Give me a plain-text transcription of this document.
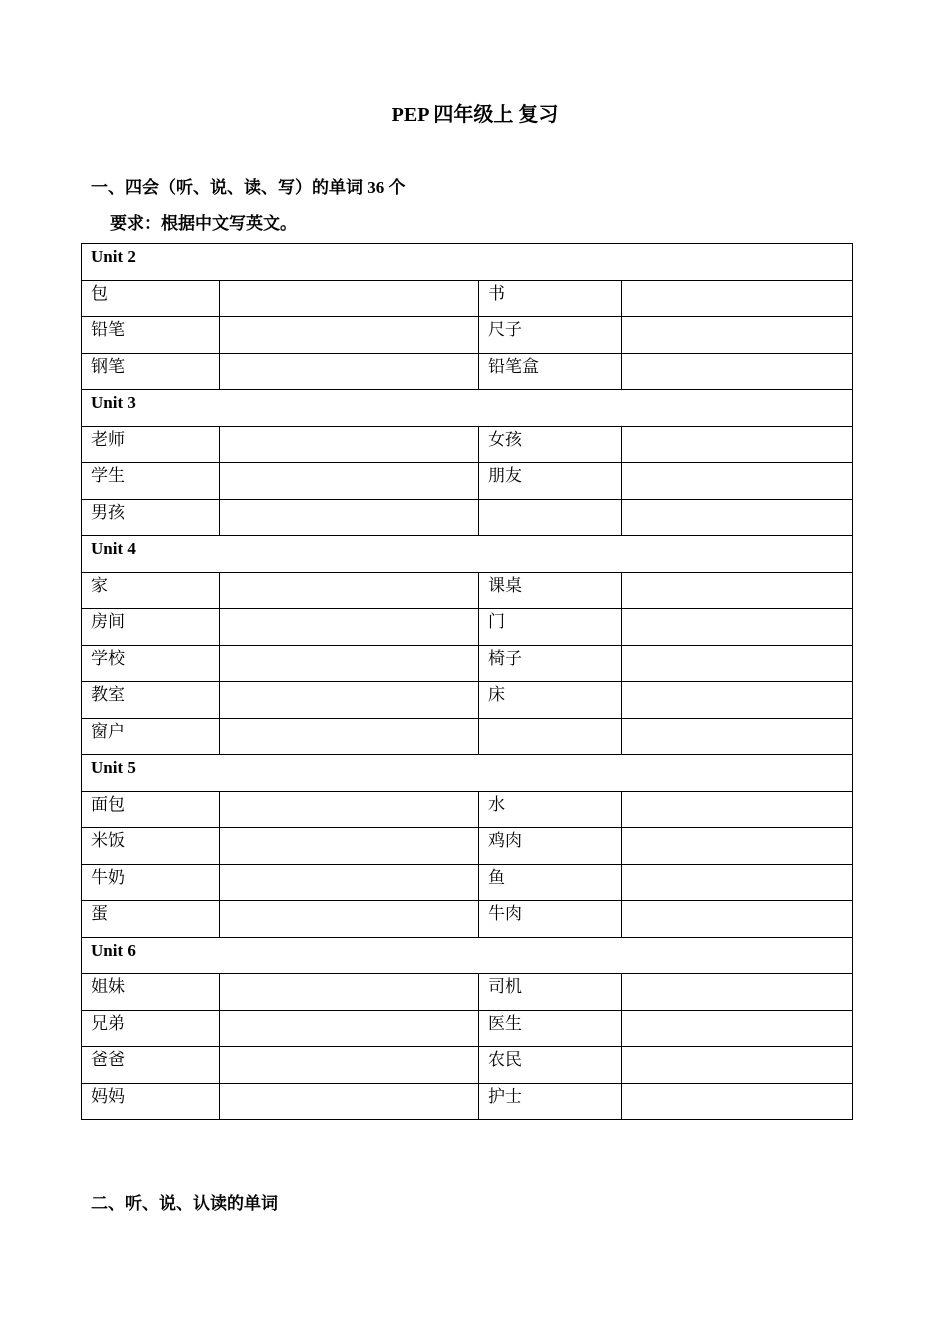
PEP 四年级上 复习
一、四会（听、说、读、写）的单词 36 个
要求：根据中文写英文。
Unit 2			
包		书	
铅笔		尺子	
钢笔		铅笔盒	
Unit 3			
老师		女孩	
学生		朋友	
男孩			
Unit 4			
家		课桌	
房间		门	
学校		椅子	
教室		床	
窗户			
Unit 5			
面包		水	
米饭		鸡肉	
牛奶		鱼	
蛋		牛肉	
Unit 6			
姐妹		司机	
兄弟		医生	
爸爸		农民	
妈妈		护士	
二、听、说、认读的单词
